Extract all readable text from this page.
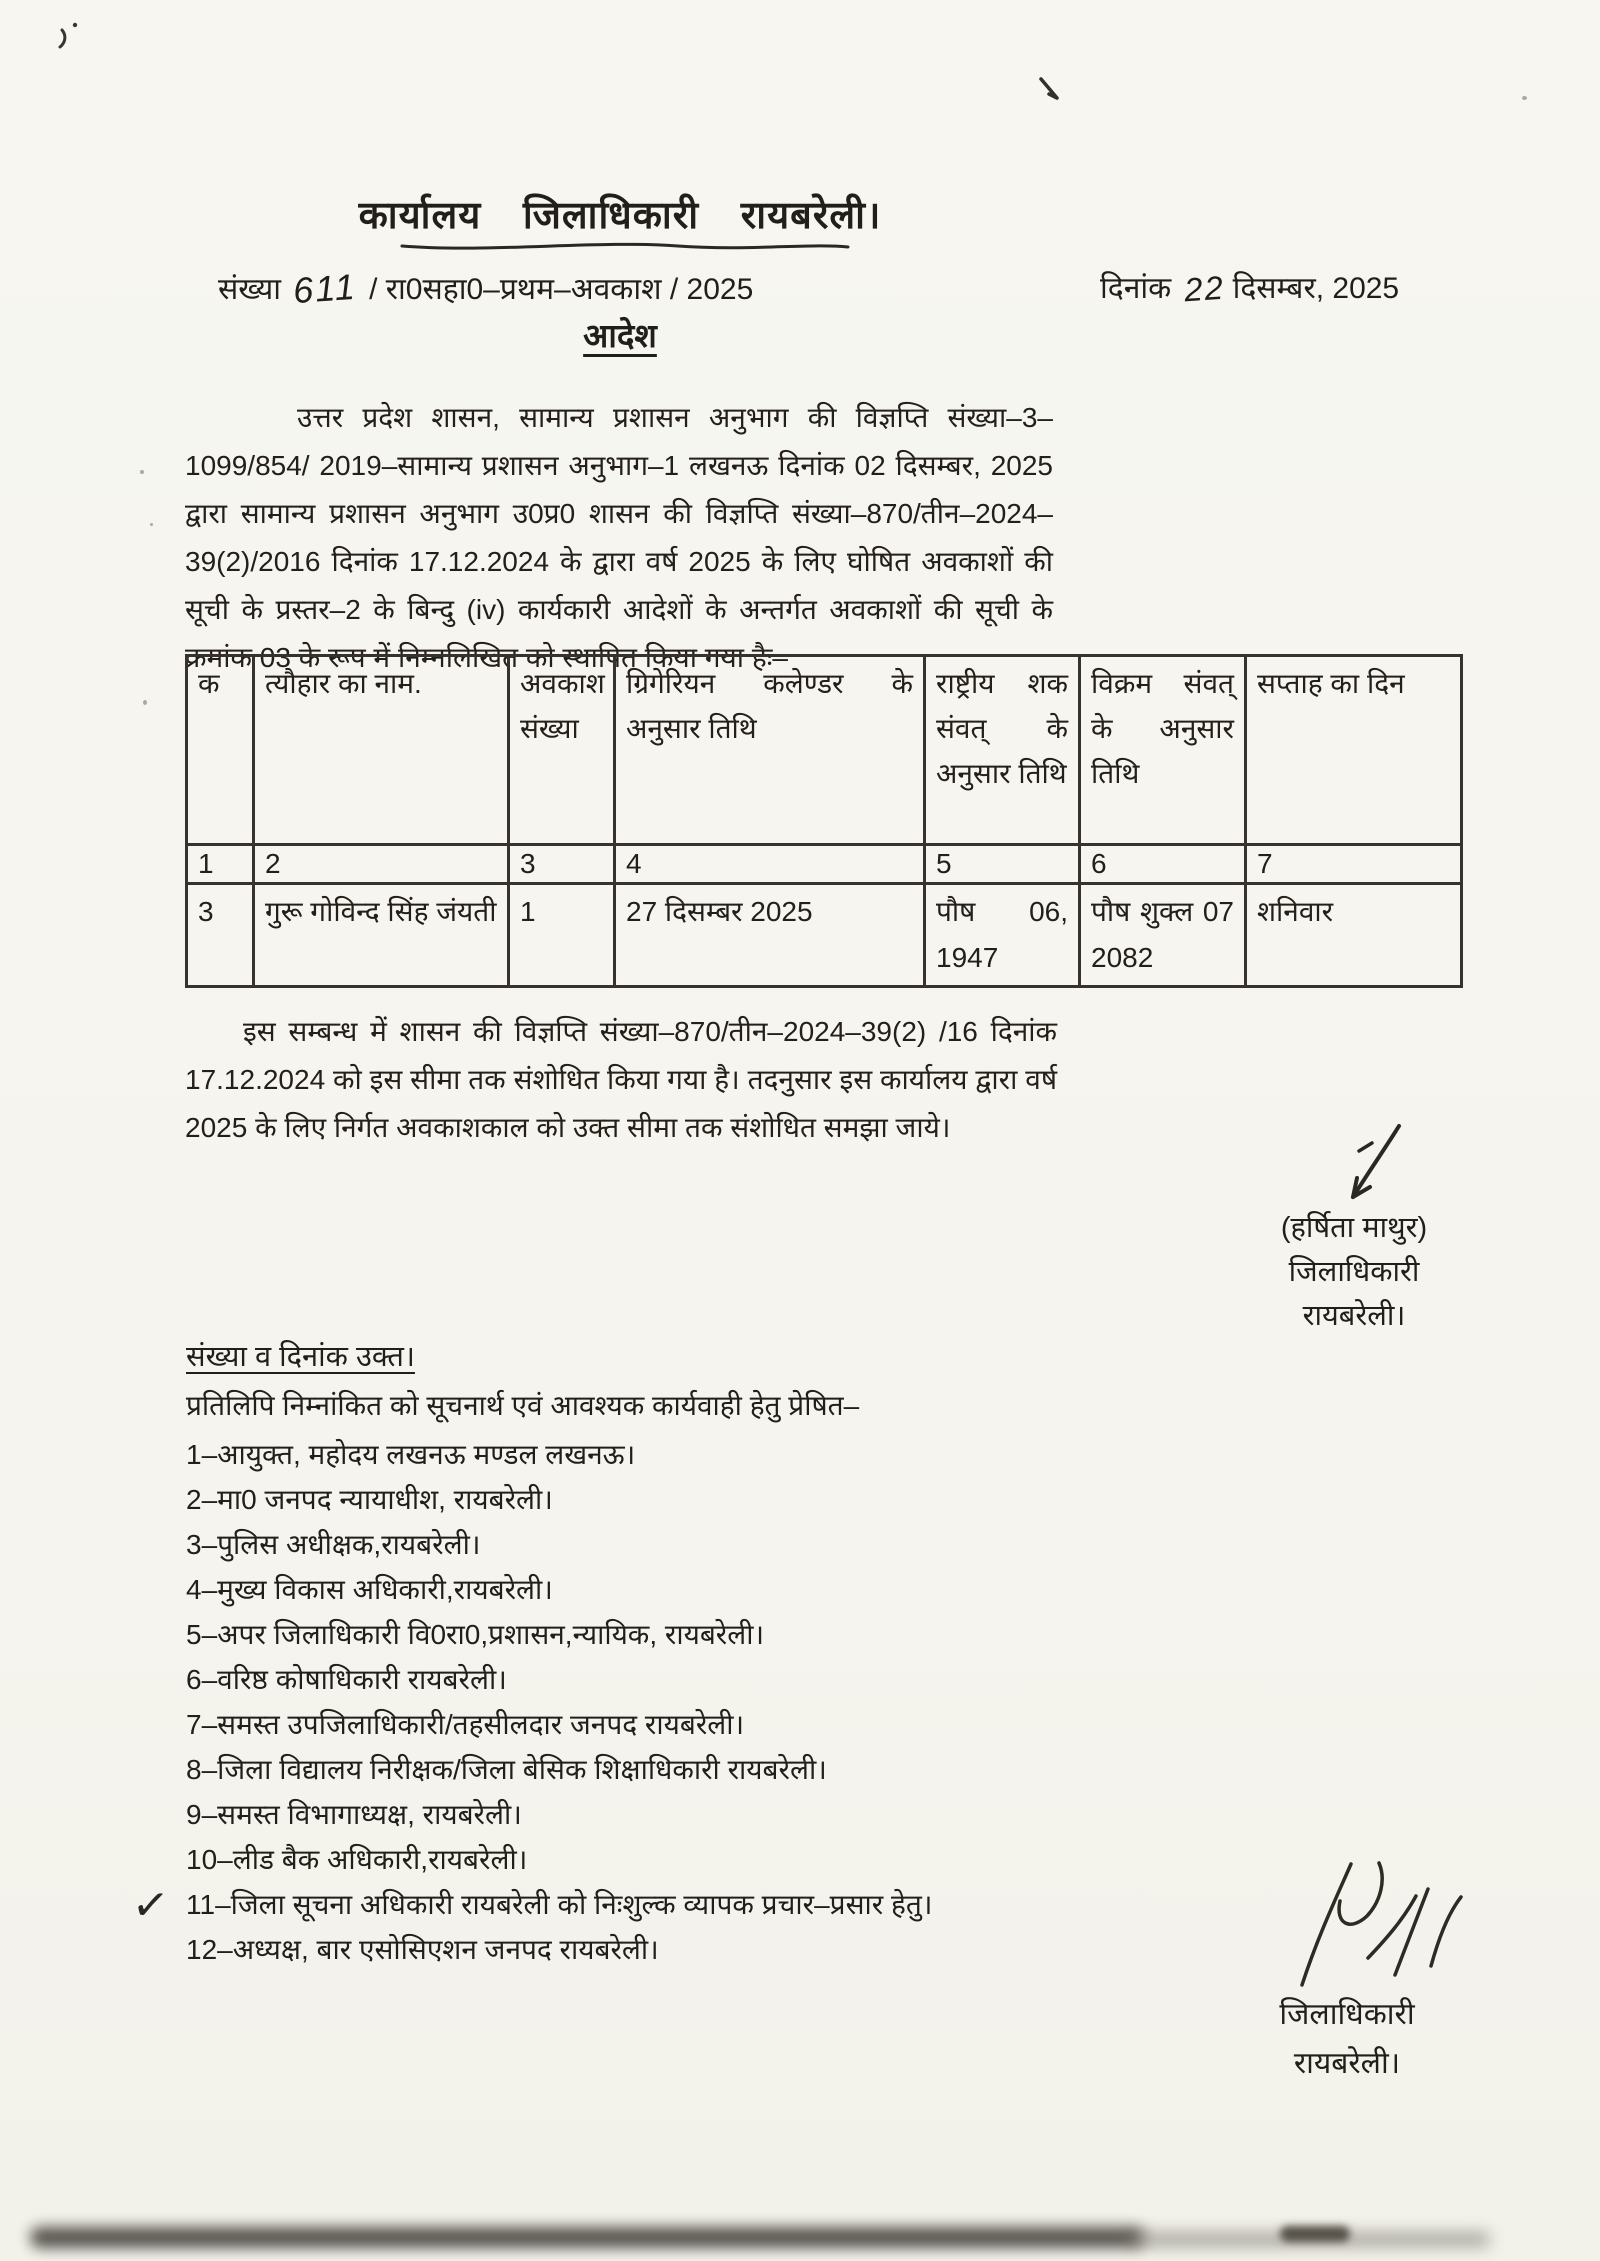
कार्यालय जिलाधिकारी रायबरेली।
संख्या 611 / रा0सहा0–प्रथम–अवकाश / 2025	दिनांक 22 दिसम्बर, 2025
आदेश

उत्तर प्रदेश शासन, सामान्य प्रशासन अनुभाग की विज्ञप्ति संख्या–3–1099/854/ 2019–सामान्य प्रशासन अनुभाग–1 लखनऊ दिनांक 02 दिसम्बर, 2025 द्वारा सामान्य प्रशासन अनुभाग उ0प्र0 शासन की विज्ञप्ति संख्या–870/तीन–2024–39(2)/2016 दिनांक 17.12.2024 के द्वारा वर्ष 2025 के लिए घोषित अवकाशों की सूची के प्रस्तर–2 के बिन्दु (iv) कार्यकारी आदेशों के अन्तर्गत अवकाशों की सूची के क्रमांक 03 के रूप में निम्नलिखित को स्थापित किया गया हैः–

क	त्यौहार का नाम.	अवकाश संख्या	ग्रिगेरियन कलेण्डर के अनुसार तिथि	राष्ट्रीय शक संवत् के अनुसार तिथि	विक्रम संवत् के अनुसार तिथि	सप्ताह का दिन
1	2	3	4	5	6	7
3	गुरू गोविन्द सिंह जंयती	1	27 दिसम्बर 2025	पौष 06, 1947	पौष शुक्ल 07 2082	शनिवार

इस सम्बन्ध में शासन की विज्ञप्ति संख्या–870/तीन–2024–39(2) /16 दिनांक 17.12.2024 को इस सीमा तक संशोधित किया गया है। तदनुसार इस कार्यालय द्वारा वर्ष 2025 के लिए निर्गत अवकाशकाल को उक्त सीमा तक संशोधित समझा जाये।

(हर्षिता माथुर)
जिलाधिकारी
रायबरेली।
संख्या व दिनांक उक्त।
प्रतिलिपि निम्नांकित को सूचनार्थ एवं आवश्यक कार्यवाही हेतु प्रेषित–
1–आयुक्त, महोदय लखनऊ मण्डल लखनऊ।
2–मा0 जनपद न्यायाधीश, रायबरेली।
3–पुलिस अधीक्षक,रायबरेली।
4–मुख्य विकास अधिकारी,रायबरेली।
5–अपर जिलाधिकारी वि0रा0,प्रशासन,न्यायिक, रायबरेली।
6–वरिष्ठ कोषाधिकारी रायबरेली।
7–समस्त उपजिलाधिकारी/तहसीलदार जनपद रायबरेली।
8–जिला विद्यालय निरीक्षक/जिला बेसिक शिक्षाधिकारी रायबरेली।
9–समस्त विभागाध्यक्ष, रायबरेली।
10–लीड बैक अधिकारी,रायबरेली।
11–जिला सूचना अधिकारी रायबरेली को निःशुल्क व्यापक प्रचार–प्रसार हेतु।
12–अध्यक्ष, बार एसोसिएशन जनपद रायबरेली।
✓
जिलाधिकारी
रायबरेली।
